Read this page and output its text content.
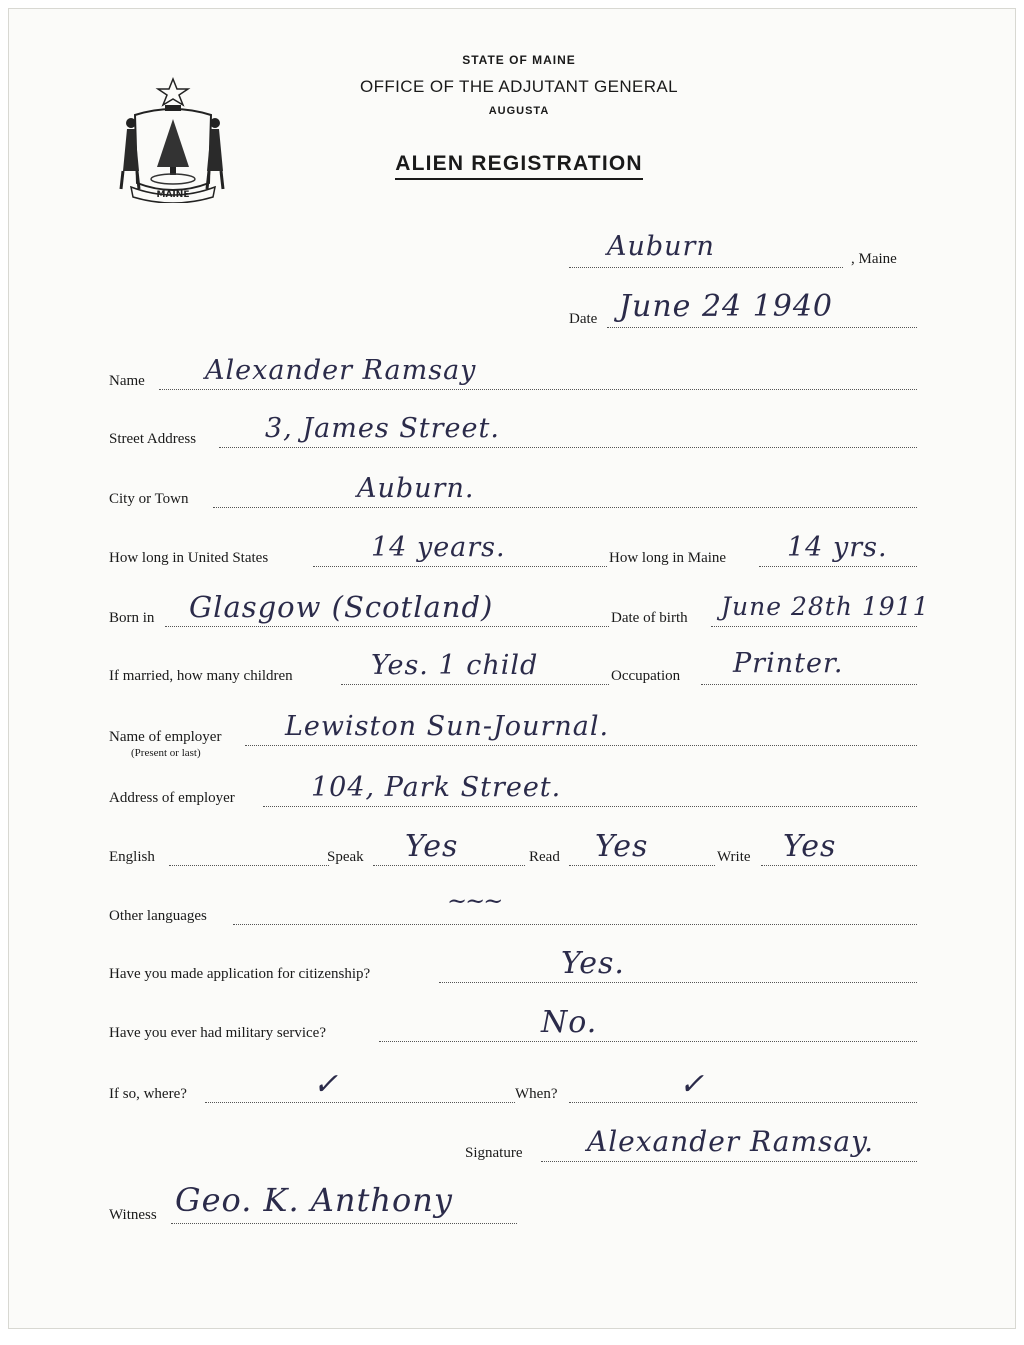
MAINE
STATE OF MAINE
OFFICE OF THE ADJUTANT GENERAL
AUGUSTA
ALIEN REGISTRATION
Auburn	, Maine
Date June 24 1940
Name Alexander Ramsay
Street Address	3, James Street.
City or Town	Auburn.
How long in United States	14 years.	How long in Maine 14 yrs.
Born in Glasgow (Scotland)	Date of birth June 28th 1911
If married, how many children	Yes. 1 child	Occupation Printer.
Name of employer
(Present or last)
Lewiston Sun-Journal.
Address of employer	104, Park Street.
English	Speak Yes	Read Yes	Write Yes
Other languages
~~~
Have you made application for citizenship?	Yes.
Have you ever had military service?	No.
If so, where?	✓	When?	✓
Signature Alexander Ramsay.
Witness Geo. K. Anthony
